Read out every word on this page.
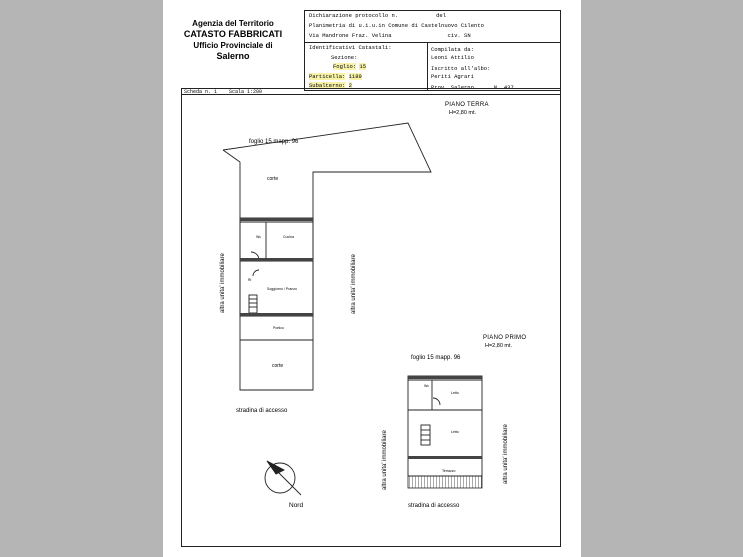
Agenzia del Territorio
CATASTO FABBRICATI
Ufficio Provinciale di
Salerno
Dichiarazione protocollo n.	del
Planimetria di u.i.u.in Comune di Castelnuovo Cilento
Via Mandrone Fraz. Velina	civ. SN
Identificativi Catastali:
Sezione:
Foglio: 15
Particella: 1189
Subalterno: 2
Compilata da:
Leoni Attilio
Iscritto all'albo:
Periti Agrari
Prov. Salerno	N. 437
Scheda n. 1 Scala 1:200
PIANO TERRA
H=2,80 mt.
foglio 15 mapp. 96
corte
Wc	Cucina
Ri
Soggiorno / Pranzo
Portico
corte
altra unita' immobiliare	altra unita' immobiliare
stradina di accesso
PIANO PRIMO
H=2,80 mt.
foglio 15 mapp. 96
Wc
Letto
Letto
Terrazzo
altra unita' immobiliare	altra unita' immobiliare
stradina di accesso
Nord
